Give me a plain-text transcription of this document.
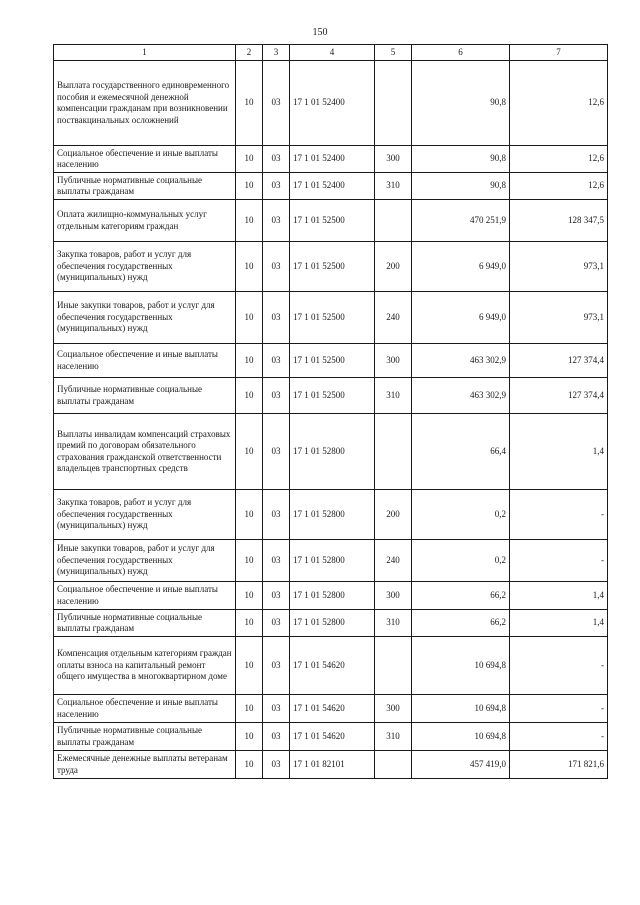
150
1	2	3	4	5	6	7
Выплата государственного единовременного пособия и ежемесячной денежной компенсации гражданам при возникновении поствакцинальных осложнений	10	03	17 1 01 52400		90,8	12,6
Социальное обеспечение и иные выплаты населению	10	03	17 1 01 52400	300	90,8	12,6
Публичные нормативные социальные выплаты гражданам	10	03	17 1 01 52400	310	90,8	12,6
Оплата жилищно-коммунальных услуг отдельным категориям граждан	10	03	17 1 01 52500		470 251,9	128 347,5
Закупка товаров, работ и услуг для обеспечения государственных (муниципальных) нужд	10	03	17 1 01 52500	200	6 949,0	973,1
Иные закупки товаров, работ и услуг для обеспечения государственных (муниципальных) нужд	10	03	17 1 01 52500	240	6 949,0	973,1
Социальное обеспечение и иные выплаты населению	10	03	17 1 01 52500	300	463 302,9	127 374,4
Публичные нормативные социальные выплаты гражданам	10	03	17 1 01 52500	310	463 302,9	127 374,4
Выплаты инвалидам компенсаций страховых премий по договорам обязательного страхования гражданской ответственности владельцев транспортных средств	10	03	17 1 01 52800		66,4	1,4
Закупка товаров, работ и услуг для обеспечения государственных (муниципальных) нужд	10	03	17 1 01 52800	200	0,2	-
Иные закупки товаров, работ и услуг для обеспечения государственных (муниципальных) нужд	10	03	17 1 01 52800	240	0,2	-
Социальное обеспечение и иные выплаты населению	10	03	17 1 01 52800	300	66,2	1,4
Публичные нормативные социальные выплаты гражданам	10	03	17 1 01 52800	310	66,2	1,4
Компенсация отдельным категориям граждан оплаты взноса на капитальный ремонт общего имущества в многоквартирном доме	10	03	17 1 01 54620		10 694,8	-
Социальное обеспечение и иные выплаты населению	10	03	17 1 01 54620	300	10 694,8	-
Публичные нормативные социальные выплаты гражданам	10	03	17 1 01 54620	310	10 694,8	-
Ежемесячные денежные выплаты ветеранам труда	10	03	17 1 01 82101		457 419,0	171 821,6
